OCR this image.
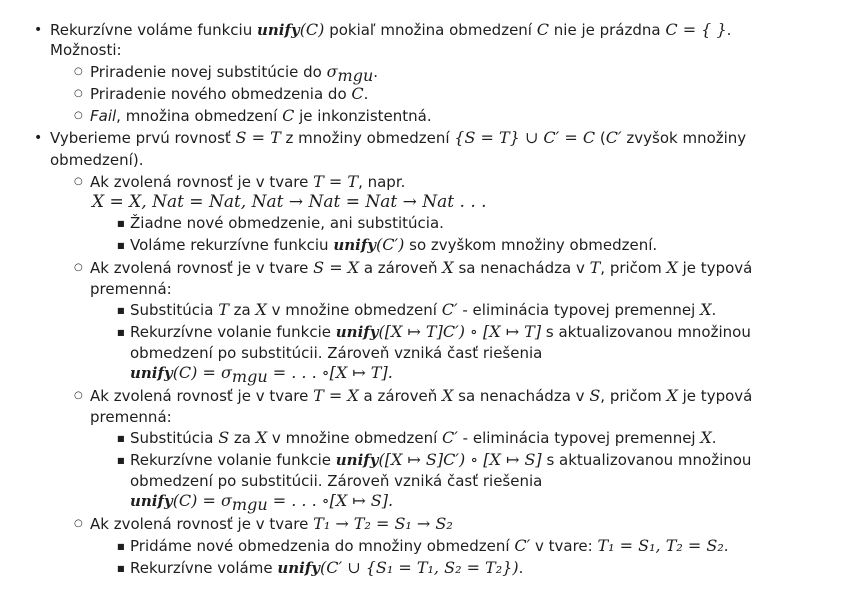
• Rekurzívne voláme funkciu unify(C) pokiaľ množina obmedzení C nie je prázdna C = { }.
Možnosti:
○ Priradenie novej substitúcie do $\sigma_{mgu}$.
○ Priradenie nového obmedzenia do C.
○ Fail, množina obmedzení C je inkonzistentná.
• Vyberieme prvú rovnosť S = T z množiny obmedzení {S = T} ∪ C′ = C (C′ zvyšok množiny
obmedzení).
○ Ak zvolená rovnosť je v tvare T = T, napr.
X = X, Nat = Nat, Nat → Nat = Nat → Nat . . .
■ Žiadne nové obmedzenie, ani substitúcia.
■ Voláme rekurzívne funkciu unify(C′) so zvyškom množiny obmedzení.
○ Ak zvolená rovnosť je v tvare S = X a zároveň X sa nenachádza v T, pričom X je typová
premenná:
■ Substitúcia T za X v množine obmedzení C′ - eliminácia typovej premennej X.
■ Rekurzívne volanie funkcie unify([X ↦ T]C′) ∘ [X ↦ T] s aktualizovanou množinou
obmedzení po substitúcii. Zároveň vzniká časť riešenia
unify(C) = $\sigma_{mgu}$ = . . . ∘[X ↦ T].
○ Ak zvolená rovnosť je v tvare T = X a zároveň X sa nenachádza v S, pričom X je typová
premenná:
■ Substitúcia S za X v množine obmedzení C′ - eliminácia typovej premennej X.
■ Rekurzívne volanie funkcie unify([X ↦ S]C′) ∘ [X ↦ S] s aktualizovanou množinou
obmedzení po substitúcii. Zároveň vzniká časť riešenia
unify(C) = $\sigma_{mgu}$ = . . . ∘[X ↦ S].
○ Ak zvolená rovnosť je v tvare T₁ → T₂ = S₁ → S₂
■ Pridáme nové obmedzenia do množiny obmedzení C′ v tvare: T₁ = S₁, T₂ = S₂.
■ Rekurzívne voláme unify(C′ ∪ {S₁ = T₁, S₂ = T₂}).
